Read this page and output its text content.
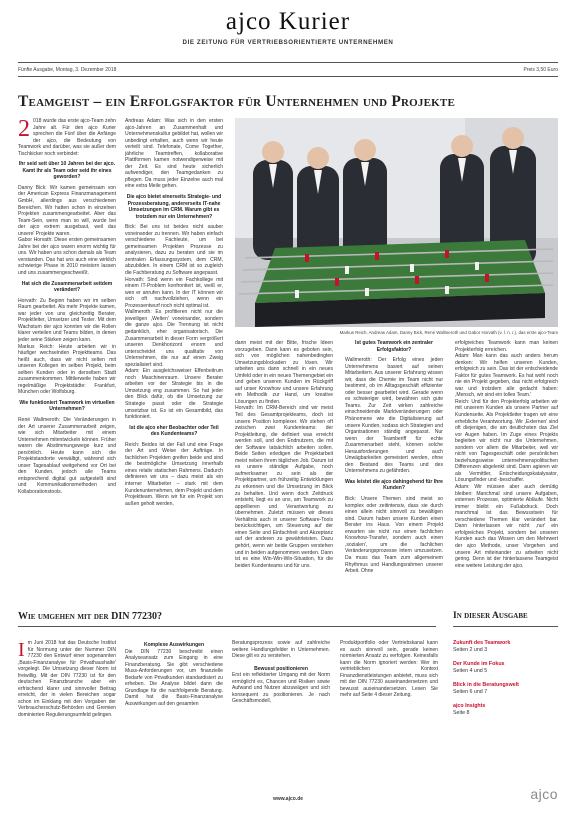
ajco Kurier
DIE ZEITUNG FÜR VERTRIEBSORIENTIERTE UNTERNEHMEN
Fünfte Ausgabe, Montag, 3. Dezember 2018	Preis 3,50 Euro
Teamgeist – ein Erfolgsfaktor für Unternehmen und Projekte

2 018 wurde das erste ajco-Team zehn Jahre alt. Für den ajco Kurier sprechen die Fünf über die Anfänge der ajco, die Bedeutung von Teamwork und darüber, was sie außer dem Tischkicker noch verbindet:

Ihr seid seit über 10 Jahren bei der ajco. Kamt ihr als Team oder seid ihr eines geworden?

Danny Bick: Wir kamen gemeinsam von der American Express Finanzmanagement GmbH, allerdings aus verschiedenen Bereichen. Wir hatten schon in einzelnen Projekten zusammengearbeitet. Aber das Team-Sein, wenn man so will, wurde bei der ajco extrem ausgebaut, weil das unsere' Projekte waren.

Gabor Horvath: Diese ersten gemeinsamen Jahre bei der ajco waren enorm wichtig für uns. Wir haben uns schon damals als Team verstanden. Das hat uns auch eine wirklich schwierige Phase in 2010 meistern lassen und uns zusammengeschweißt.

Hat sich die Zusammenarbeit seitdem verändert?

Horvath: Zu Beginn haben wir im selben Raum gearbeitet. Als mehr Projekte kamen, war jeder von uns gleichzeitig Berater, Projektleiter, Umsetzer und Tester. Mit dem Wachstum der ajco konnten wir die Rollen klarer verteilen und Teams bilden, in denen jeder seine Stärken zeigen kann.

Markus Reich: Heute arbeiten wir in häufiger wechselnden Projektteams. Das heißt auch, dass wir nicht selten mit unseren Kollegen im selben Projekt, beim selben Kunden oder in derselben Stadt zusammenkommen. Mittlerweile haben wir regelmäßige Projektstädte: Frankfurt, München oder Wolfsburg.

Wie funktioniert Teamwork im virtuellen Unternehmen?

René Wallmeroth: Die Veränderungen in der Art unserer Zusammenarbeit zeigen, wie sich Mitarbeiter mit einem Unternehmen mitentwickeln können. Früher waren die Abstimmungswege kurz und persönlich. Heute kann sich die Projektstandorte verwältigt, während sich unser Tagesablauf weitgehend vor Ort bei den Kunden, jedoch alle Teams entsprechend digital gut aufgestellt sind und Kommunikationsmethoden und Kollaborationstools.

Andreas Adam: Was sich in den ersten ajco-Jahren an Zusammenhalt und Unternehmenskultur gebildet hat, wollen wir unbedingt erhalten, auch wenn wir heute verteilt sind. Telefonate, Come Together, jährliche Teamtreffen, kollaborative Plattformen kamen notwendigerweise mit der Zeit. Es sind heute sicherlich aufwendiger, den Teamgedanken zu pflegen. Da muss jeder Einzelne auch mal eine extra Meile gehen.

Die ajco bietet einerseits Strategie- und Prozessberatung, andererseits IT-nahe Umsetzungen im CRM. Warum gibt es trotzdem nur ein Unternehmen?

Bick: Bei uns ist beides nicht sauber voneinander zu trennen. Wir haben einfach verschiedene Fachleute, um bei gemeinsamen Projekten Prozesse zu analysieren, dazu zu beraten und sie im zentralen Erfassungssystem, dem CRM, abzubilden. In einem CRM ist so zugleich die Fachberatung zu Software angepasst.

Horvath: Sind wenn ein Fachkollege mit einem IT-Problem konfrontiert ist, weiß er, wen er anrufen kann. In der IT können wir sich oft nachvollziehen, wenn ein Prozessentwurf noch nicht optimal ist.

Wallmeroth: Es profitieren nicht nur die jeweiligen ,Welten' voneinander, sondern die ganze ajco. Die Trennung ist nicht gedanklich, eher organisatorisch. Die Zusammenarbeit in dieser Form vergrößert unseren Denkhorizont enorm und unterscheidet uns qualitativ von Unternehmen, die nur auf einen Zweig spezialisiert sind.

Adam: Ein ausgleichsweiser Effenbeitrum noch Maschinenraum. Unsere Berater arbeiten vor der Strategie bis in die Umsetzung eng zusammen. So hat jeder den Blick dafür, ob die Umsetzung zur Strategie passt oder die Strategie umsetzbar ist. Es ist ein Gesamtbild, das funktioniert.

Ist die ajco eher Beobachter oder Teil des Kundenteams?

Reich: Beides ist der Fall und eine Frage der Art und Weise der Aufträge. In fachlichen Projekten greifen beide und sind die bestmögliche Umsetzung innerhalb eines relativ statischen Rahmens. Dadurch definieren wir uns – dazu meist als ein interner Mitarbeiter – stark mit dem Kundenunternehmen, dem Projekt und dem Projektteam. Wenn wir für ein Projekt von außen geholt werden,

Markus Reich, Andreas Adam, Danny Bick, René Wallmeroth und Gabor Horvath (v. l. n. r.), das erste ajco-Team

dann meist mit der Bitte, frische Ideen vorzugeben. Dann kann es geboten sein, sich von möglichen nahenbedingten Umsetzungsblockaden zu lösen. Wir arbeiten uns dann schnell in ein neues Umfeld oder in ein neues Themengebiet ein und geben unseren Kunden im Rückgriff auf unser Knowhow und unsere Erfahrung ein Methodik zur Hand, um kreative Lösungen zu finden.

Horvath: Im CRM-Bereich sind wir meist Teil des Gesamtprojekteams, doch ist unsere Position komplexer. Wir stehen oft zwischen zwei Kundenteams: der Projektleitung, die definiert was erreicht werden soll, und den Endnutzern, die mit der Software tatsächlich arbeiten sollen. Beide Seiten erledigen die Projektarbeit meist neben ihrem täglichen Job. Darum ist es unsere ständige Aufgabe, noch aufmerksamer zu sein als der Projektpartner, um frühzeitig Entwicklungen zu erkennen und die Umsetzung im Blick zu behalten. Und wenn doch Zeitdruck entsteht, liegt es an uns, am Teamwork zu appellieren und Verantwortung zu übernehmen. Zuletzt müssen wir dieses Verhältnis auch in unserer Software-Tools berücksichtigen, um Steuerung auf der einen Seite und Einfachheit und Akzeptanz auf der anderen zu gewährleisten. Dazu gehört, wenn wir beide Gruppen verstehen und in beiden aufgenommen werden. Dann ist es eine Win-Win-Win-Situation, für die beiden Kundenteams und für uns.

Ist gutes Teamwork ein zentraler Erfolgsfaktor?

Wallmeroth: Der Erfolg eines jeden Unternehmens basiert auf seinen Mitarbeitern. Aus unserer Erfahrung wissen wir, dass die Chemie im Team nicht nur bestimmt, ob im Alltagsgeschäft effizienter oder besser gearbeitet wird. Gerade wenn es schwieriger wird, bewähren sich gute Teams. Zur Zeit wirken zahlreiche einschneidende Marktveränderungen oder Phänomene wie die Digitalisierung auf unsere Kunden, sodass sich Strategien und Organisationen ständig angepasst. Nur wenn der Teamberiff für echte Zusammenarbeit steht, können solche Herausforderungen und auch Unwägbarkeiten gemeistert werden, ohne den Bestand des Teams und des Unternehmens zu gefährden.

Was leistet die ajco dahingehend für Ihre Kunden?

Bick: Unsere Themen sind meist so komplex oder zeitintensiv, dass sie durch einen allein nicht sinnvoll zu bewältigen sind. Darum haben unsere Kunden einen Berater ins Haus. Von einem Projekt erwarten sie nicht nur einen fachlichen Knowhow-Transfer, sondern auch einen ,sozialen', um die fachlichen Veränderungsprozesse intern umzusetzen. Da muss das Team zum allgemeinem Rhythmus und Handlungsrahmen unserer Arbeit. Ohne

erfolgreiches Teamwork kann man keinen Projekterfolg erreichen.

Adam: Man kann das auch anders herum denken: Wir helfen unseren Kunden, erfolgreich zu sein. Das ist der entscheidende Faktor für gutes Teamwork. Es hat wohl noch nie ein Projekt gegeben, das nicht erfolgreich war und trotzdem alle gedacht haben: ,Mensch, wir sind ein tolles Team.'

Reich: Und für den Projekterfolg arbeiten wir mit unserem Kunden als unsere Partner auf Kundenseite. Als Projektleiter tragen wir eine erhebliche Verantwortung. Wir ,Externen' sind oft diejenigen, die am deutlichsten das Ziel vor Augen haben. Im Zuge eines Projekts begleiten wir nicht nur die Unternehmen, sondern vor allem die Mitarbeiter, weil wir nicht von Tagesgeschäft oder persönlichen beziehungsweise unternehmenspolitischen Differenzen abgelenkt sind. Dann agieren wir als Vermittler, Entscheidungskatalysator, Lösungsfinder und -beschaffer.

Adam: Wir müssen aber auch demütig bleiben: Manchmal sind unsere Aufgaben, externen Prozesse, optimierte Abläufe. Nicht immer bleibt ein Fußabdruck. Doch manchmal ist das Bewusstsein für verschiedene Themen klar verändert bar. Dann hinterlassen wir nicht ,nur' ein erfolgreiches Projekt, sondern bei unseren Kunden auch das Wissen um den Mehrwert der ajco Methode, unser Vorgehen und unsere Art miteinander zu arbeiten nicht gering. Denn ist der hinterlassene Teamgeist eine weitere Leistung der ajco.

Wie umgehen mit der DIN 77230?

Im Juni 2018 hat das Deutsche Institut für Normung unter der Nummer DIN 77230 den Entwurf einer sogenannten ,Basis-Finanzanalyse für Privathaushalte' vorgelegt. Die Umsetzung dieser Norm ist freiwillig. Mit der DIN 77230 ist für den deutschen Finanzbranche aber ein erfrischend klarer und sinnvoller Beitrag erreicht, der in vielen Bereichen sogar schon im Einklang mit den Vorgaben der Verbraucherschutz-Behörden und Gremien dominierten Regulierungsumfeld gelingen.

Komplexe Auswirkungen

Die DIN 77230 beschreibt einen Analyseansatz zum Eingang in eine Finanzberatung. Sie gibt verschiedene Muss-Anforderungen vor, um finanzielle Bedarfe von Privatkunden standardisiert zu erheben. Die Analyse bildet dann die Grundlage für die nachfolgende Beratung. Damit hat die Basis-Finanzanalyse Auswirkungen auf den gesamten

Beratungsprozess sowie auf zahlreiche weitere Handlungsfelder in Unternehmen. Diese gilt es zu verstehen.

Bewusst positionieren

Erst ein reflektierter Umgang mit der Norm ermöglicht es, Chancen und Risiken sowie Aufwand und Nutzen abzuwägen und sich konsequent zu positionieren. Je nach Geschäftsmodell,

Produktportfolio oder Vertriebskanal kann es auch sinnvoll sein, gerade keinen normierten Ansatz zu verfolgen. Keinesfalls kann die Norm ignoriert werden: Wer im vertrieblichen Kontext Finanzdienstleistungen anbietet, muss sich mit der DIN 77230 auseinandersetzen und bewusst auseinandersetzen. Lesen Sie mehr auf Seite 4 dieser Zeitung.

In dieser Ausgabe
Zukunft des Teamwork
Seiten 2 und 3
Der Kunde im Fokus
Seiten 4 und 5
Blick in die Beratungswelt
Seiten 6 und 7
ajco Insights
Seite 8
www.ajco.de	ajco
